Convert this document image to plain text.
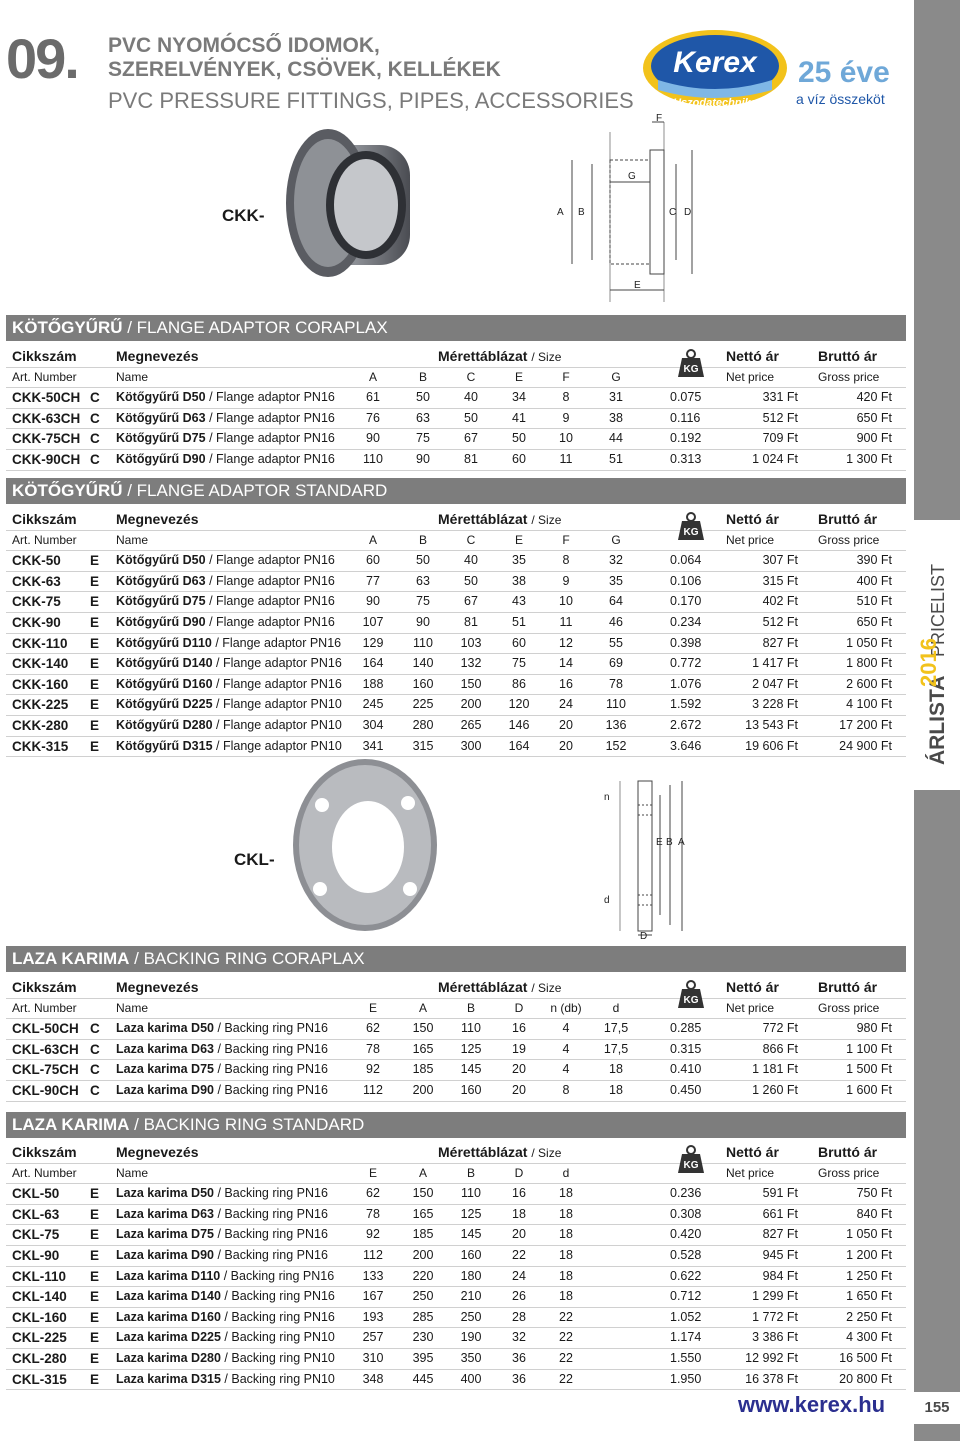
09. PVC NYOMÓCSŐ IDOMOK,
SZERELVÉNYEK, CSÖVEK, KELLÉKEK
PVC PRESSURE FITTINGS, PIPES, ACCESSORIES
Kerex
Uszodatechnika
25 éve
a víz összeköt
ÁRLISTA
PRICELIST
2016
CKK-
F
G
A B	C D
E
CKL-
n
E B A
d
D
KÖTŐGYŰRŰ / FLANGE ADAPTOR CORAPLAX
Cikkszám	Megnevezés	Mérettáblázat / Size	Nettó ár	Bruttó ár
KG
Art. Number	Name	A	B	C	E	F	G	Net price	Gross price
CKK-50CH C Kötőgyűrű D50 / Flange adaptor PN16	61	50	40	34	8	31	0.075	331 Ft	420 Ft
CKK-63CH C Kötőgyűrű D63 / Flange adaptor PN16	76	63	50	41	9	38	0.116	512 Ft	650 Ft
CKK-75CH C Kötőgyűrű D75 / Flange adaptor PN16	90	75	67	50	10	44	0.192	709 Ft	900 Ft
CKK-90CH C Kötőgyűrű D90 / Flange adaptor PN16	110	90	81	60	11	51	0.313	1 024 Ft	1 300 Ft
KÖTŐGYŰRŰ / FLANGE ADAPTOR STANDARD
Cikkszám	Megnevezés	Mérettáblázat / Size	Nettó ár	Bruttó ár
KG
Art. Number	Name	A	B	C	E	F	G	Net price	Gross price
CKK-50 E Kötőgyűrű D50 / Flange adaptor PN16	60	50	40	35	8	32	0.064	307 Ft	390 Ft
CKK-63 E Kötőgyűrű D63 / Flange adaptor PN16	77	63	50	38	9	35	0.106	315 Ft	400 Ft
CKK-75 E Kötőgyűrű D75 / Flange adaptor PN16	90	75	67	43	10	64	0.170	402 Ft	510 Ft
CKK-90 E Kötőgyűrű D90 / Flange adaptor PN16	107	90	81	51	11	46	0.234	512 Ft	650 Ft
CKK-110 E Kötőgyűrű D110 / Flange adaptor PN16	129	110	103	60	12	55	0.398	827 Ft	1 050 Ft
CKK-140 E Kötőgyűrű D140 / Flange adaptor PN16	164	140	132	75	14	69	0.772	1 417 Ft	1 800 Ft
CKK-160 E Kötőgyűrű D160 / Flange adaptor PN16	188	160	150	86	16	78	1.076	2 047 Ft	2 600 Ft
CKK-225 E Kötőgyűrű D225 / Flange adaptor PN10	245	225	200	120	24	110	1.592	3 228 Ft	4 100 Ft
CKK-280 E Kötőgyűrű D280 / Flange adaptor PN10	304	280	265	146	20	136	2.672	13 543 Ft	17 200 Ft
CKK-315 E Kötőgyűrű D315 / Flange adaptor PN10	341	315	300	164	20	152	3.646	19 606 Ft	24 900 Ft
LAZA KARIMA / BACKING RING CORAPLAX
Cikkszám	Megnevezés	Mérettáblázat / Size	Nettó ár	Bruttó ár
KG
Art. Number	Name	E	A	B	D	n (db)	d	Net price	Gross price
CKL-50CH C Laza karima D50 / Backing ring PN16	62	150	110	16	4	17,5	0.285	772 Ft	980 Ft
CKL-63CH C Laza karima D63 / Backing ring PN16	78	165	125	19	4	17,5	0.315	866 Ft	1 100 Ft
CKL-75CH C Laza karima D75 / Backing ring PN16	92	185	145	20	4	18	0.410	1 181 Ft	1 500 Ft
CKL-90CH C Laza karima D90 / Backing ring PN16	112	200	160	20	8	18	0.450	1 260 Ft	1 600 Ft
LAZA KARIMA / BACKING RING STANDARD
Cikkszám	Megnevezés	Mérettáblázat / Size	Nettó ár	Bruttó ár
KG
Art. Number	Name	E	A	B	D	d	Net price	Gross price
CKL-50 E Laza karima D50 / Backing ring PN16	62	150	110	16	18	0.236	591 Ft	750 Ft
CKL-63 E Laza karima D63 / Backing ring PN16	78	165	125	18	18	0.308	661 Ft	840 Ft
CKL-75 E Laza karima D75 / Backing ring PN16	92	185	145	20	18	0.420	827 Ft	1 050 Ft
CKL-90 E Laza karima D90 / Backing ring PN16	112	200	160	22	18	0.528	945 Ft	1 200 Ft
CKL-110 E Laza karima D110 / Backing ring PN16	133	220	180	24	18	0.622	984 Ft	1 250 Ft
CKL-140 E Laza karima D140 / Backing ring PN16	167	250	210	26	18	0.712	1 299 Ft	1 650 Ft
CKL-160 E Laza karima D160 / Backing ring PN16	193	285	250	28	22	1.052	1 772 Ft	2 250 Ft
CKL-225 E Laza karima D225 / Backing ring PN10	257	230	190	32	22	1.174	3 386 Ft	4 300 Ft
CKL-280 E Laza karima D280 / Backing ring PN10	310	395	350	36	22	1.550	12 992 Ft	16 500 Ft
CKL-315 E Laza karima D315 / Backing ring PN10	348	445	400	36	22	1.950	16 378 Ft	20 800 Ft
www.kerex.hu	155
